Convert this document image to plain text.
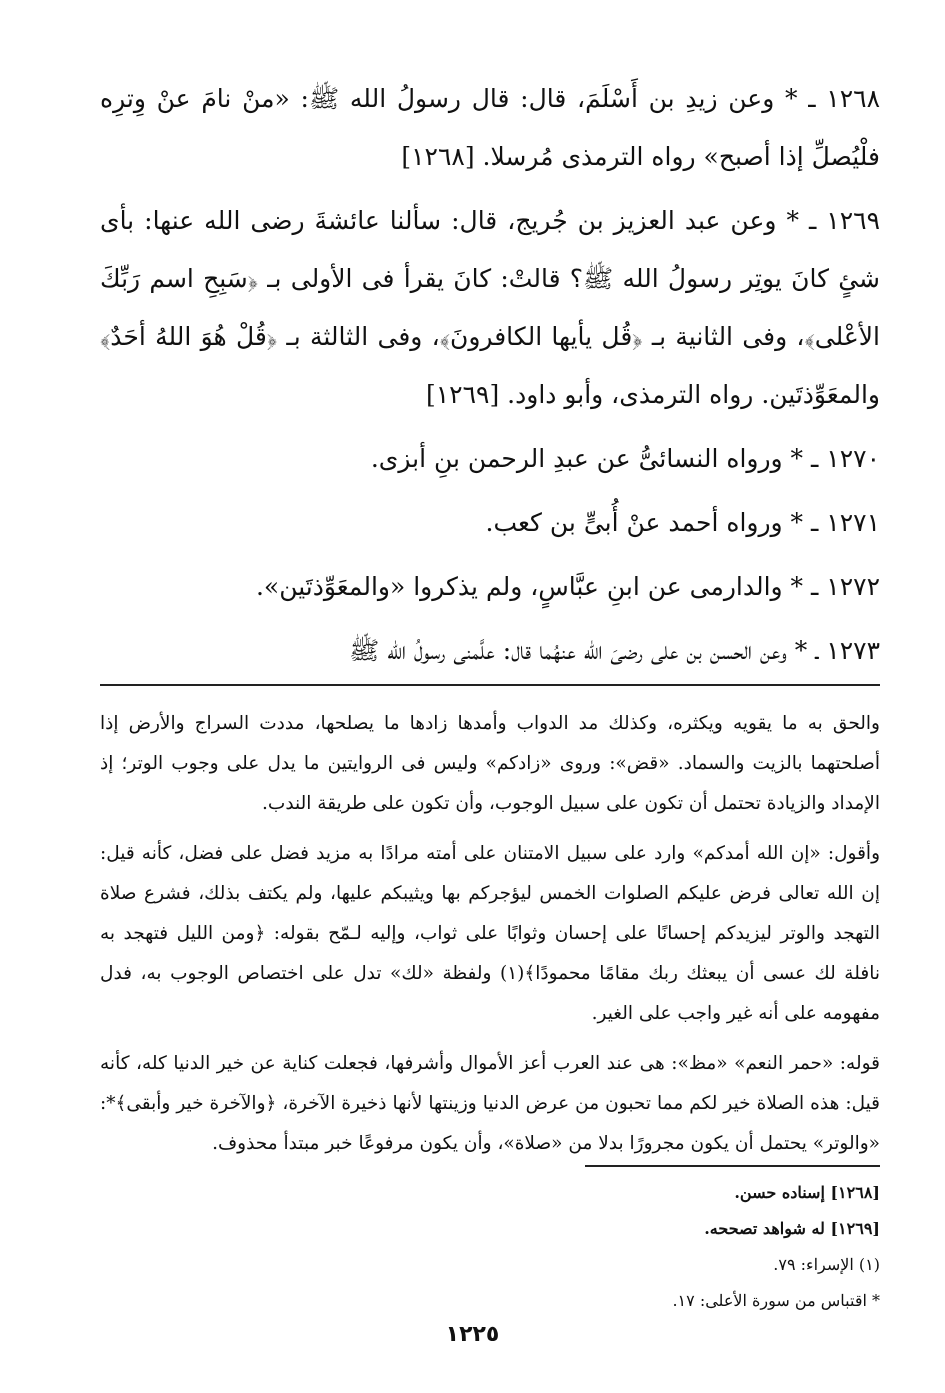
١٢٦٨ ـ * وعن زيدِ بن أَسْلَمَ، قال: قال رسولُ الله ﷺ: «منْ نامَ عنْ وِترِه فلْيُصلِّ إذا أصبح» رواه الترمذى مُرسلا. [١٢٦٨]

١٢٦٩ ـ * وعن عبد العزيز بن جُريج، قال: سألنا عائشةَ رضى الله عنها: بأى شئٍ كانَ يوتِر رسولُ الله ﷺ؟ قالتْ: كانَ يقرأ فى الأولى بـ ﴿سَبِحِ اسم رَبِّكَ الأعْلى﴾، وفى الثانية بـ ﴿قُل يأيها الكافرونَ﴾، وفى الثالثة بـ ﴿قُلْ هُوَ اللهُ أحَدٌ﴾ والمعَوِّذتَين. رواه الترمذى، وأبو داود. [١٢٦٩]

١٢٧٠ ـ * ورواه النسائىُّ عن عبدِ الرحمن بنِ أبزى.

١٢٧١ ـ * ورواه أحمد عنْ أُبىٍّ بن كعب.

١٢٧٢ ـ * والدارمى عن ابنِ عبَّاسٍ، ولم يذكروا «والمعَوِّذتَين».

١٢٧٣ ـ * وعن الحسن بن على رضىَ الله عنهُما قال: علَّمنى رسولُ الله ﷺ

والحق به ما يقويه ويكثره، وكذلك مد الدواب وأمدها زادها ما يصلحها، مددت السراج والأرض إذا أصلحتهما بالزيت والسماد. «قض»: وروى «زادكم» وليس فى الروايتين ما يدل على وجوب الوتر؛ إذ الإمداد والزيادة تحتمل أن تكون على سبيل الوجوب، وأن تكون على طريقة الندب.

وأقول: «إن الله أمدكم» وارد على سبيل الامتنان على أمته مرادًا به مزيد فضل على فضل، كأنه قيل: إن الله تعالى فرض عليكم الصلوات الخمس ليؤجركم بها ويثيبكم عليها، ولم يكتف بذلك، فشرع صلاة التهجد والوتر ليزيدكم إحسانًا على إحسان وثوابًا على ثواب، وإليه لـمّح بقوله: ﴿ومن الليل فتهجد به نافلة لك عسى أن يبعثك ربك مقامًا محمودًا﴾(١) ولفظة «لك» تدل على اختصاص الوجوب به، فدل مفهومه على أنه غير واجب على الغير.

قوله: «حمر النعم» «مظ»: هى عند العرب أعز الأموال وأشرفها، فجعلت كناية عن خير الدنيا كله، كأنه قيل: هذه الصلاة خير لكم مما تحبون من عرض الدنيا وزينتها لأنها ذخيرة الآخرة، ﴿والآخرة خير وأبقى﴾*: «والوتر» يحتمل أن يكون مجرورًا بدلا من «صلاة»، وأن يكون مرفوعًا خبر مبتدأ محذوف.

[١٢٦٨] إسناده حسن.
[١٢٦٩] له شواهد تصححه.
(١) الإسراء: ٧٩.
* اقتباس من سورة الأعلى: ١٧.
١٢٢٥
